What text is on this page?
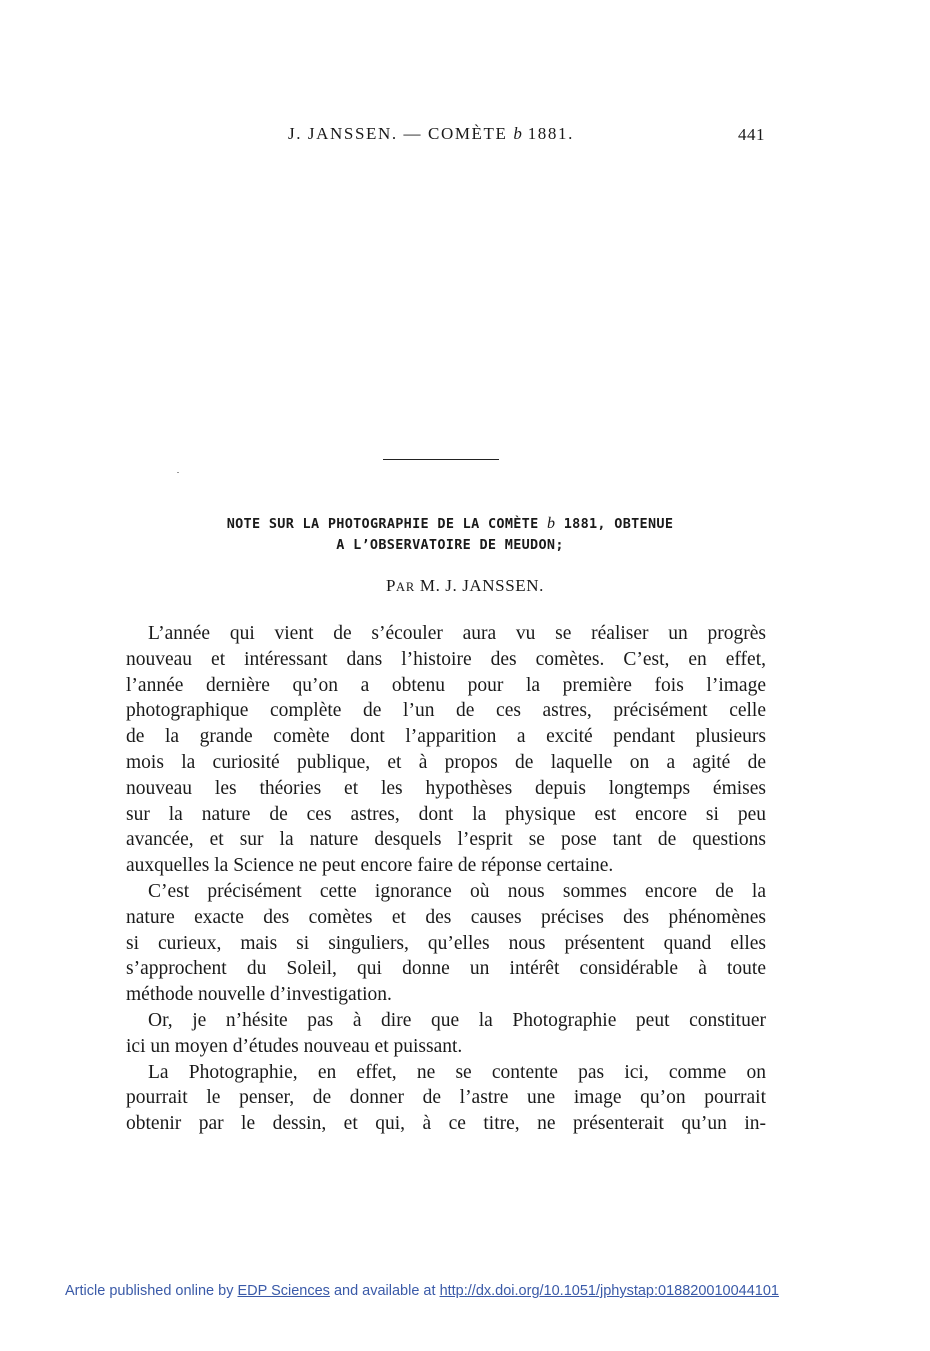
J. JANSSEN. — COMÈTE b 1881.	441
NOTE SUR LA PHOTOGRAPHIE DE LA COMÈTE b 1881, OBTENUE
A L’OBSERVATOIRE DE MEUDON;
PAR M. J. JANSSEN.
L’année qui vient de s’écouler aura vu se réaliser un progrès
nouveau et intéressant dans l’histoire des comètes. C’est, en effet,
l’année dernière qu’on a obtenu pour la première fois l’image
photographique complète de l’un de ces astres, précisément celle
de la grande comète dont l’apparition a excité pendant plusieurs
mois la curiosité publique, et à propos de laquelle on a agité de
nouveau les théories et les hypothèses depuis longtemps émises
sur la nature de ces astres, dont la physique est encore si peu
avancée, et sur la nature desquels l’esprit se pose tant de questions
auxquelles la Science ne peut encore faire de réponse certaine.
C’est précisément cette ignorance où nous sommes encore de la
nature exacte des comètes et des causes précises des phénomènes
si curieux, mais si singuliers, qu’elles nous présentent quand elles
s’approchent du Soleil, qui donne un intérêt considérable à toute
méthode nouvelle d’investigation.
Or, je n’hésite pas à dire que la Photographie peut constituer
ici un moyen d’études nouveau et puissant.
La Photographie, en effet, ne se contente pas ici, comme on
pourrait le penser, de donner de l’astre une image qu’on pourrait
obtenir par le dessin, et qui, à ce titre, ne présenterait qu’un in-
Article published online by EDP Sciences and available at http://dx.doi.org/10.1051/jphystap:018820010044101
